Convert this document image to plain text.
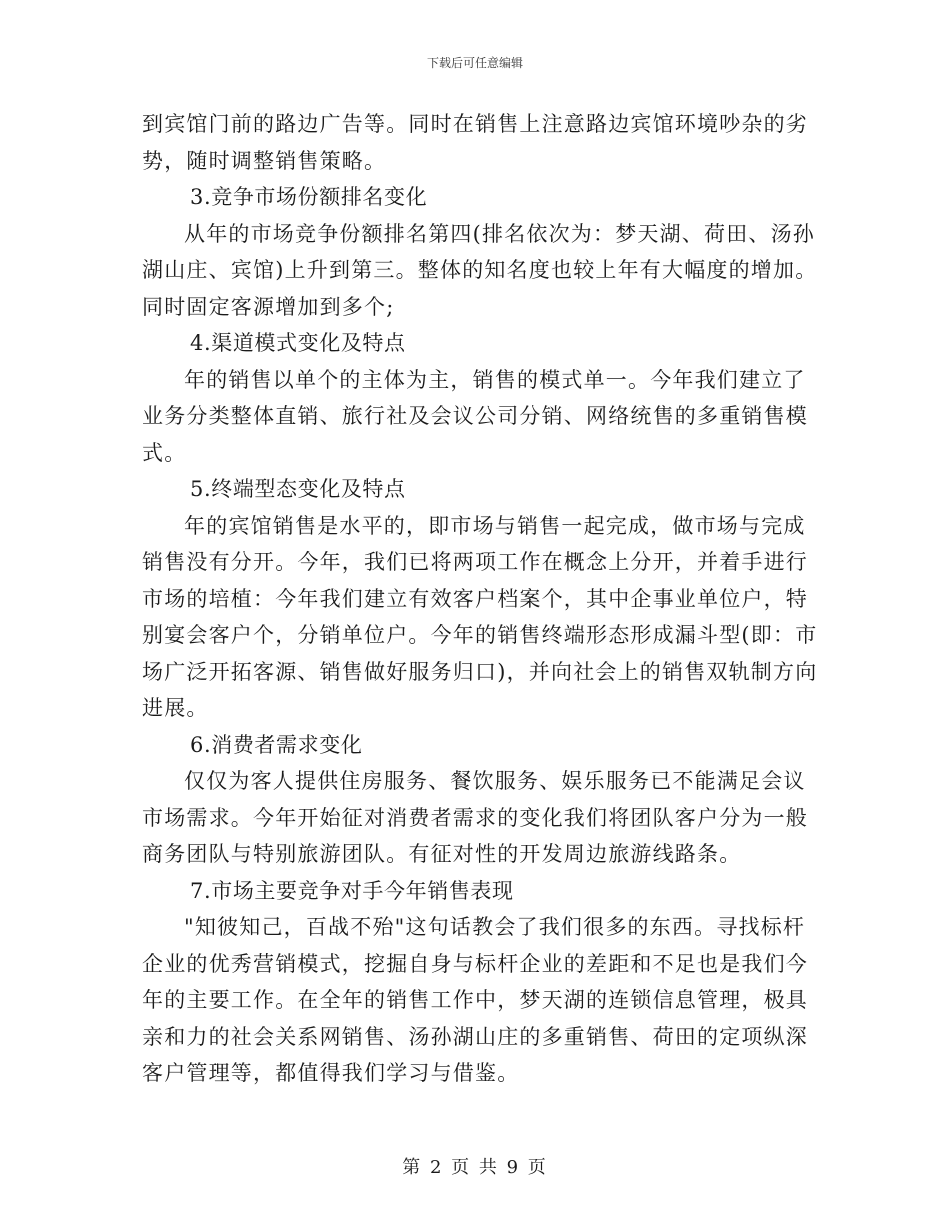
下载后可任意编辑
到宾馆门前的路边广告等。同时在销售上注意路边宾馆环境吵杂的劣
势，随时调整销售策略。
3.竞争市场份额排名变化
从年的市场竞争份额排名第四(排名依次为：梦天湖、荷田、汤孙
湖山庄、宾馆)上升到第三。整体的知名度也较上年有大幅度的增加。
同时固定客源增加到多个;
4.渠道模式变化及特点
年的销售以单个的主体为主，销售的模式单一。今年我们建立了
业务分类整体直销、旅行社及会议公司分销、网络统售的多重销售模
式。
5.终端型态变化及特点
年的宾馆销售是水平的，即市场与销售一起完成，做市场与完成
销售没有分开。今年，我们已将两项工作在概念上分开，并着手进行
市场的培植：今年我们建立有效客户档案个，其中企事业单位户，特
别宴会客户个，分销单位户。今年的销售终端形态形成漏斗型(即：市
场广泛开拓客源、销售做好服务归口)，并向社会上的销售双轨制方向
进展。
6.消费者需求变化
仅仅为客人提供住房服务、餐饮服务、娱乐服务已不能满足会议
市场需求。今年开始征对消费者需求的变化我们将团队客户分为一般
商务团队与特别旅游团队。有征对性的开发周边旅游线路条。
7.市场主要竞争对手今年销售表现
"知彼知己，百战不殆"这句话教会了我们很多的东西。寻找标杆
企业的优秀营销模式，挖掘自身与标杆企业的差距和不足也是我们今
年的主要工作。在全年的销售工作中，梦天湖的连锁信息管理，极具
亲和力的社会关系网销售、汤孙湖山庄的多重销售、荷田的定项纵深
客户管理等，都值得我们学习与借鉴。
第 2 页 共 9 页
